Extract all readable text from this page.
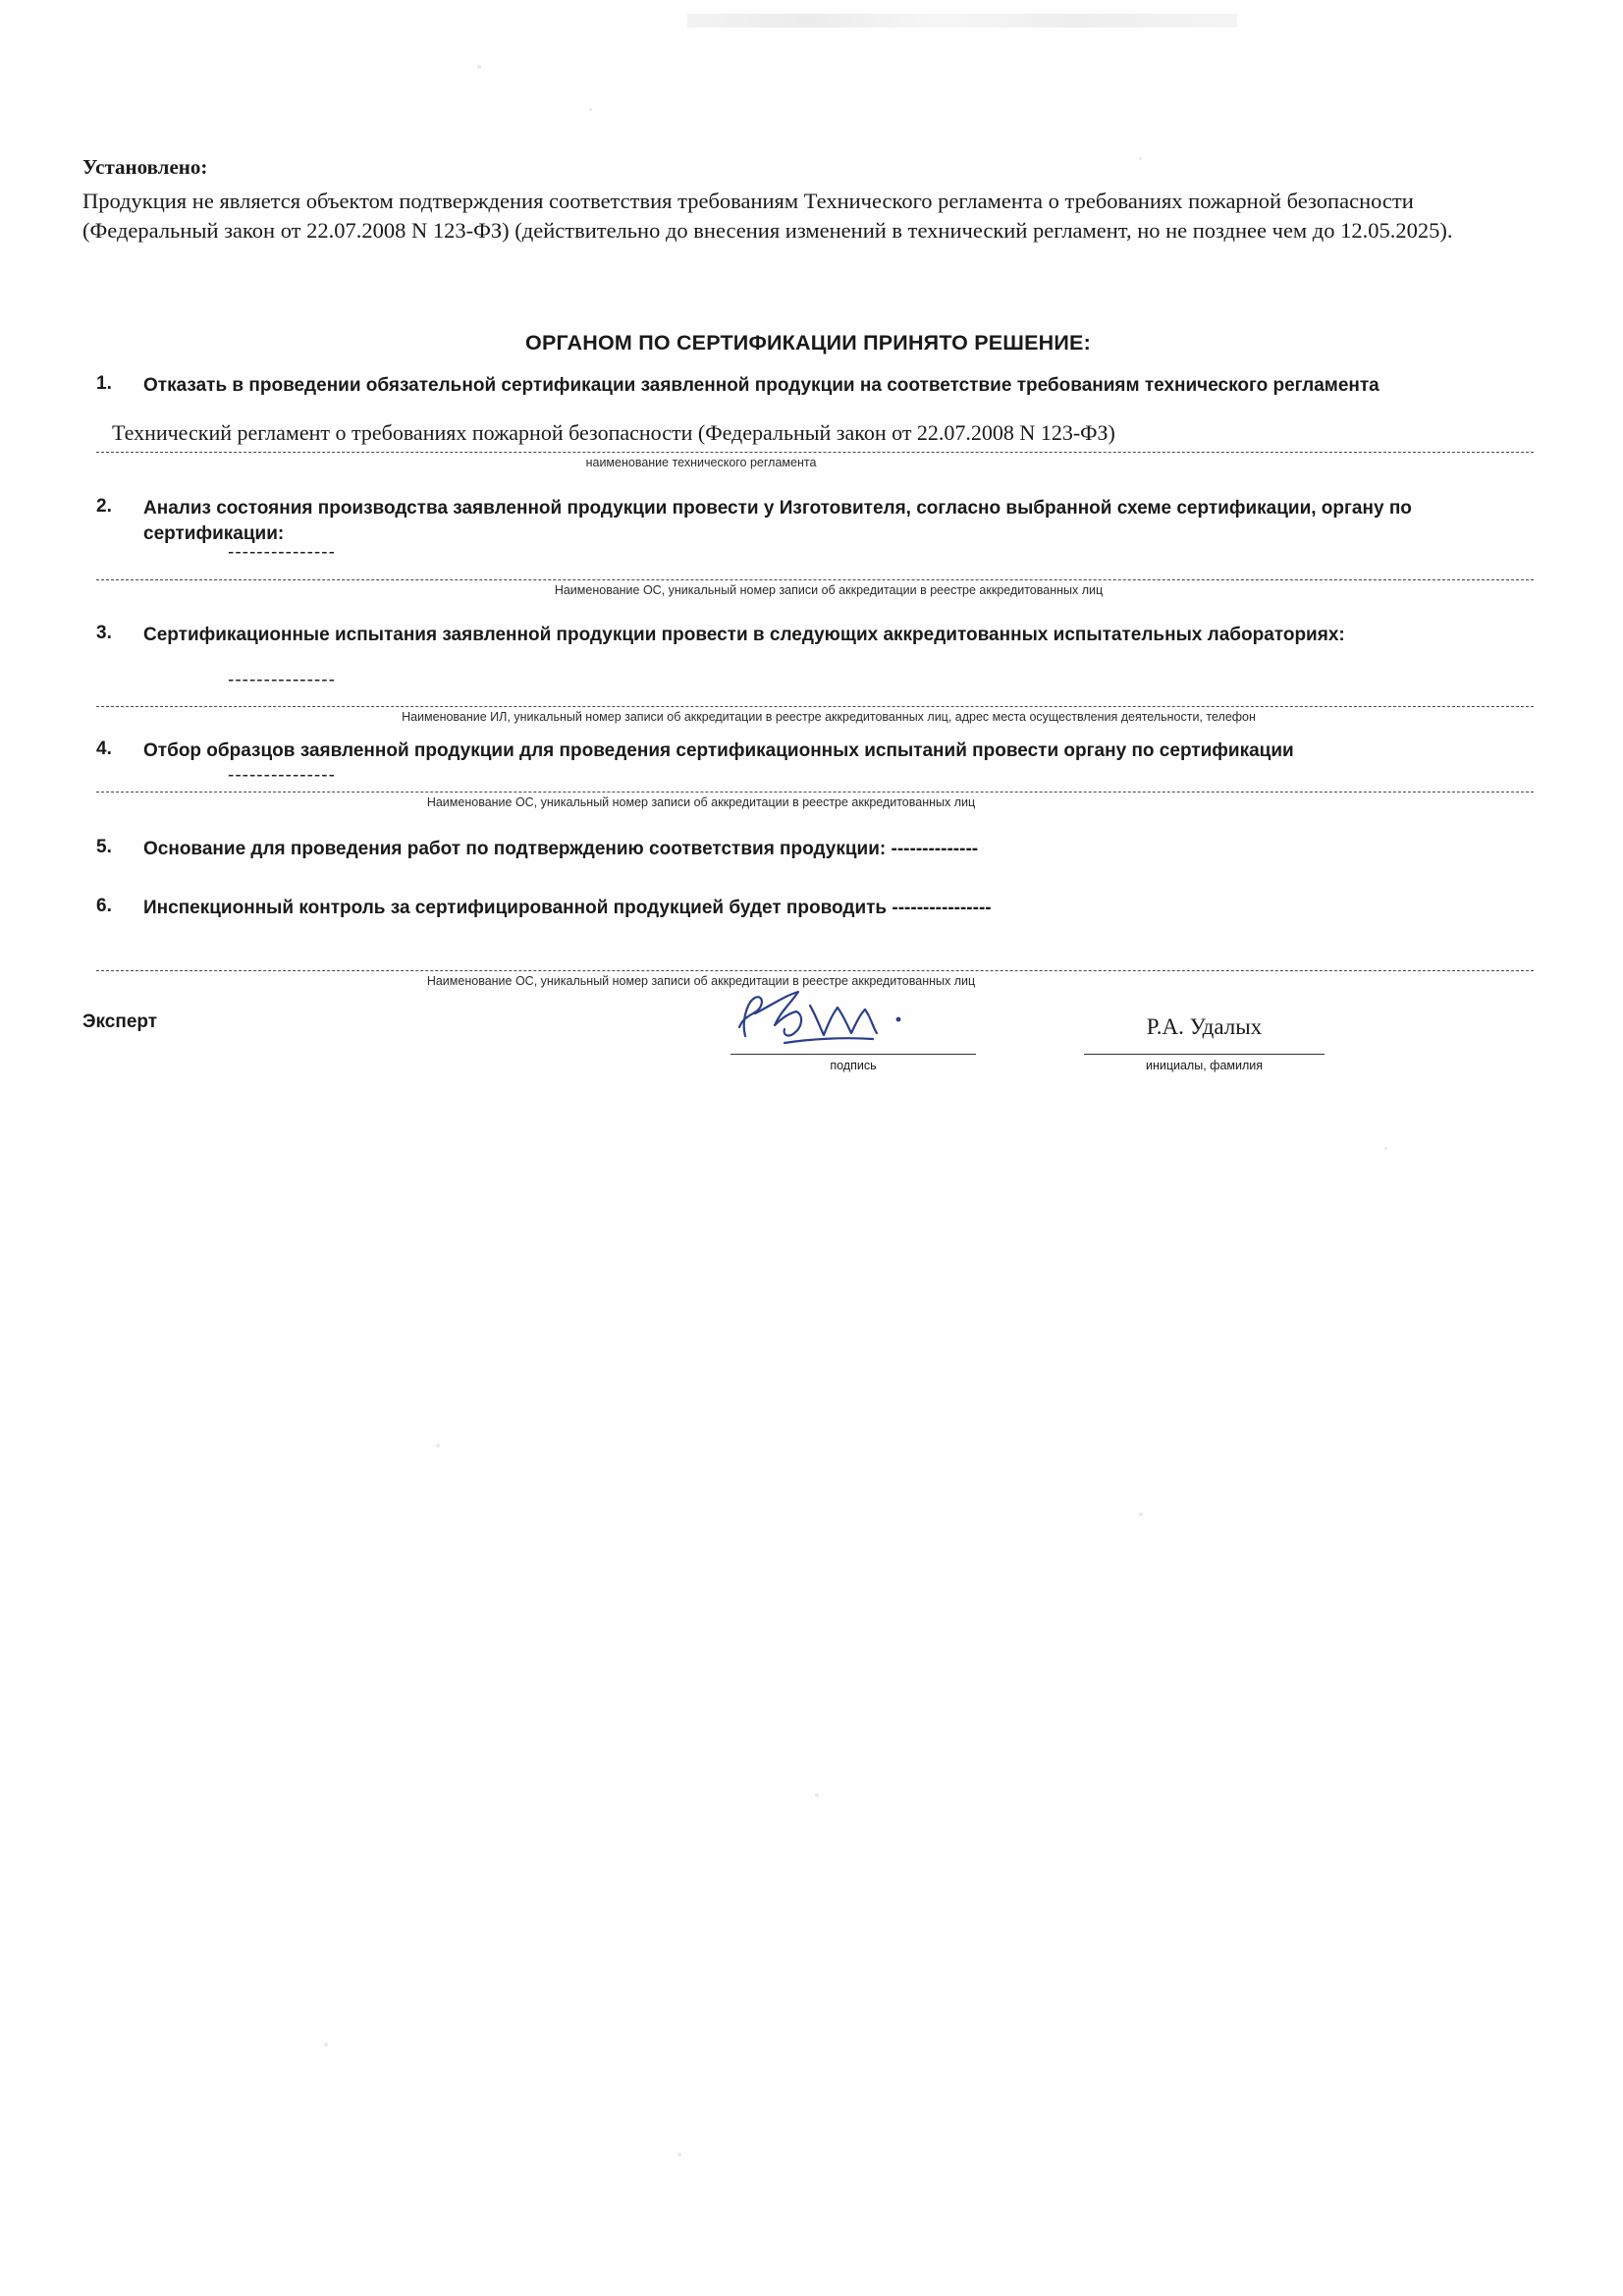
Установлено:
Продукция не является объектом подтверждения соответствия требованиям Технического регламента о требованиях пожарной безопасности (Федеральный закон от 22.07.2008 N 123-ФЗ) (действительно до внесения изменений в технический регламент, но не позднее чем до 12.05.2025).
ОРГАНОМ ПО СЕРТИФИКАЦИИ ПРИНЯТО РЕШЕНИЕ:
1. Отказать в проведении обязательной сертификации заявленной продукции на соответствие требованиям технического регламента
Технический регламент о требованиях пожарной безопасности (Федеральный закон от 22.07.2008 N 123-ФЗ)
наименование технического регламента
2. Анализ состояния производства заявленной продукции провести у Изготовителя, согласно выбранной схеме сертификации, органу по сертификации:
---------------
Наименование ОС, уникальный номер записи об аккредитации в реестре аккредитованных лиц
3. Сертификационные испытания заявленной продукции провести в следующих аккредитованных испытательных лабораториях:
---------------
Наименование ИЛ, уникальный номер записи об аккредитации в реестре аккредитованных лиц, адрес места осуществления деятельности, телефон
4. Отбор образцов заявленной продукции для проведения сертификационных испытаний провести органу по сертификации
---------------
Наименование ОС, уникальный номер записи об аккредитации в реестре аккредитованных лиц
5. Основание для проведения работ по подтверждению соответствия продукции: --------------
6. Инспекционный контроль за сертифицированной продукцией будет проводить ----------------
Наименование ОС, уникальный номер записи об аккредитации в реестре аккредитованных лиц
Эксперт
подпись
Р.А. Удалых
инициалы, фамилия
